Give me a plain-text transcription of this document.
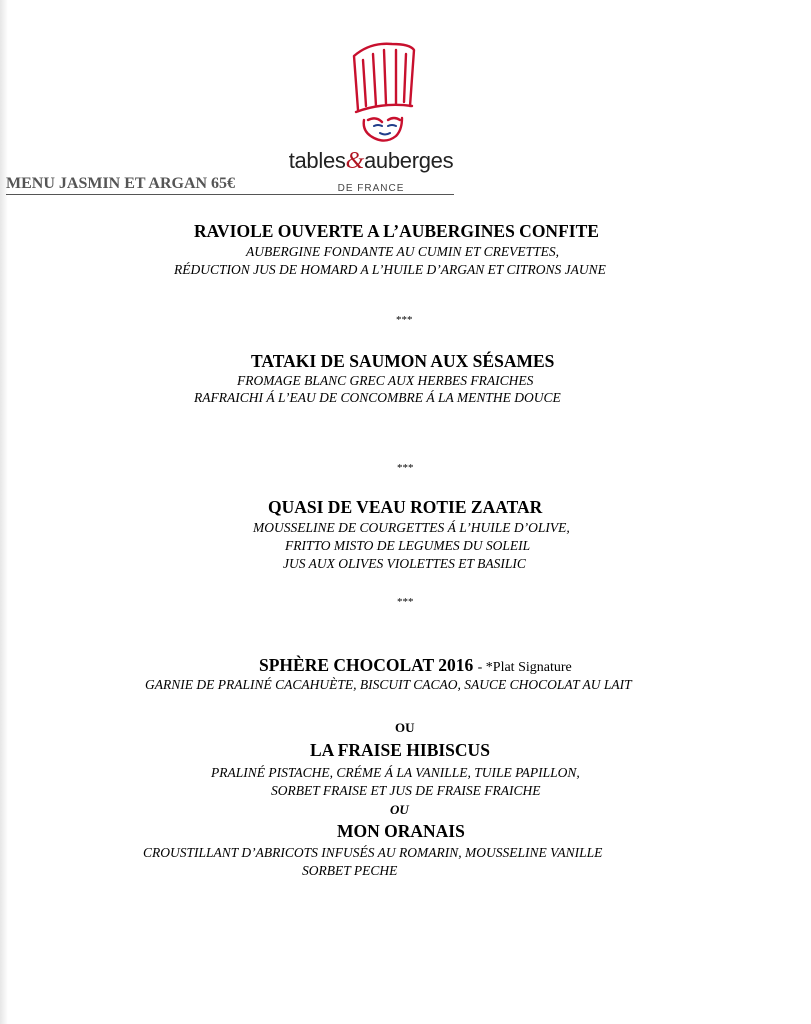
tables&auberges
DE FRANCE
MENU JASMIN ET ARGAN 65€
RAVIOLE OUVERTE A L’AUBERGINES CONFITE
AUBERGINE FONDANTE AU CUMIN ET CREVETTES,
RÉDUCTION JUS DE HOMARD A L’HUILE D’ARGAN ET CITRONS JAUNE
***
TATAKI DE SAUMON AUX SÉSAMES
FROMAGE BLANC GREC AUX HERBES FRAICHES
RAFRAICHI Á L’EAU DE CONCOMBRE Á LA MENTHE DOUCE
***
QUASI DE VEAU ROTIE ZAATAR
MOUSSELINE DE COURGETTES Á L’HUILE D’OLIVE,
FRITTO MISTO DE LEGUMES DU SOLEIL
JUS AUX OLIVES VIOLETTES ET BASILIC
***
SPHÈRE CHOCOLAT 2016 - *Plat Signature
GARNIE DE PRALINÉ CACAHUÈTE, BISCUIT CACAO, SAUCE CHOCOLAT AU LAIT
OU
LA FRAISE HIBISCUS
PRALINÉ PISTACHE, CRÉME Á LA VANILLE, TUILE PAPILLON,
SORBET FRAISE ET JUS DE FRAISE FRAICHE
OU
MON ORANAIS
CROUSTILLANT D’ABRICOTS INFUSÉS AU ROMARIN, MOUSSELINE VANILLE
SORBET PECHE
